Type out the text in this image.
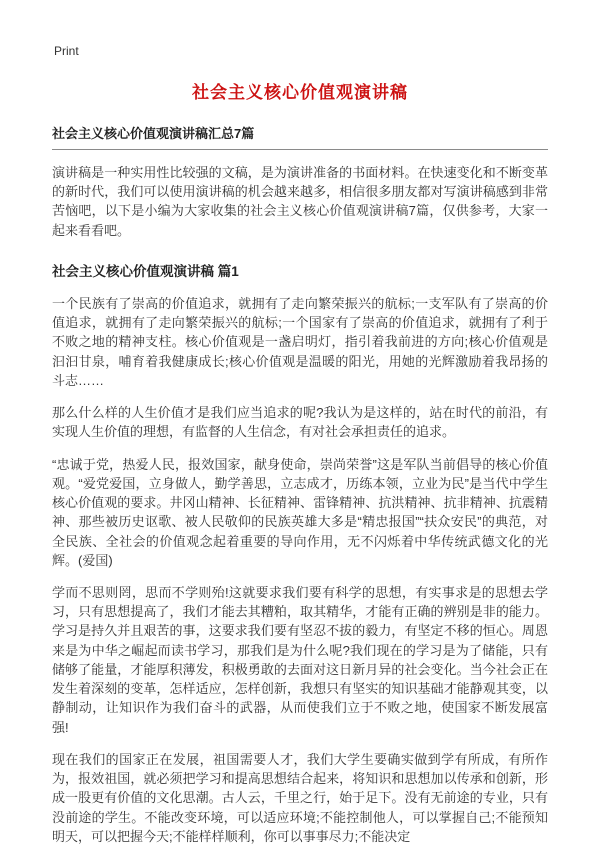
Print
社会主义核心价值观演讲稿
社会主义核心价值观演讲稿汇总7篇

演讲稿是一种实用性比较强的文稿，是为演讲准备的书面材料。在快速变化和不断变革的新时代，我们可以使用演讲稿的机会越来越多，相信很多朋友都对写演讲稿感到非常苦恼吧，以下是小编为大家收集的社会主义核心价值观演讲稿7篇，仅供参考，大家一起来看看吧。

社会主义核心价值观演讲稿 篇1

一个民族有了崇高的价值追求，就拥有了走向繁荣振兴的航标;一支军队有了崇高的价值追求，就拥有了走向繁荣振兴的航标;一个国家有了崇高的价值追求，就拥有了利于不败之地的精神支柱。核心价值观是一盏启明灯，指引着我前进的方向;核心价值观是汩汩甘泉，哺育着我健康成长;核心价值观是温暖的阳光，用她的光辉激励着我昂扬的斗志……

那么什么样的人生价值才是我们应当追求的呢?我认为是这样的，站在时代的前沿，有实现人生价值的理想，有监督的人生信念，有对社会承担责任的追求。

“忠诚于党，热爱人民，报效国家，献身使命，崇尚荣誉”这是军队当前倡导的核心价值观。“爱党爱国，立身做人，勤学善思，立志成才，历练本领，立业为民”是当代中学生核心价值观的要求。井冈山精神、长征精神、雷锋精神、抗洪精神、抗非精神、抗震精神、那些被历史讴歌、被人民敬仰的民族英雄大多是“精忠报国”“扶众安民”的典范，对全民族、全社会的价值观念起着重要的导向作用，无不闪烁着中华传统武德文化的光辉。(爱国)

学而不思则罔，思而不学则殆!这就要求我们要有科学的思想，有实事求是的思想去学习，只有思想提高了，我们才能去其糟粕，取其精华，才能有正确的辨别是非的能力。学习是持久并且艰苦的事，这要求我们要有坚忍不拔的毅力，有坚定不移的恒心。周恩来是为中华之崛起而读书学习，那我们是为什么呢?我们现在的学习是为了储能，只有储够了能量，才能厚积薄发，积极勇敢的去面对这日新月异的社会变化。当今社会正在发生着深刻的变革，怎样适应，怎样创新，我想只有坚实的知识基础才能静观其变，以静制动，让知识作为我们奋斗的武器，从而使我们立于不败之地，使国家不断发展富强!

现在我们的国家正在发展，祖国需要人才，我们大学生要确实做到学有所成，有所作为，报效祖国，就必须把学习和提高思想结合起来，将知识和思想加以传承和创新，形成一股更有价值的文化思潮。古人云，千里之行，始于足下。没有无前途的专业，只有没前途的学生。不能改变环境，可以适应环境;不能控制他人，可以掌握自己;不能预知明天，可以把握今天;不能样样顺利，你可以事事尽力;不能决定
